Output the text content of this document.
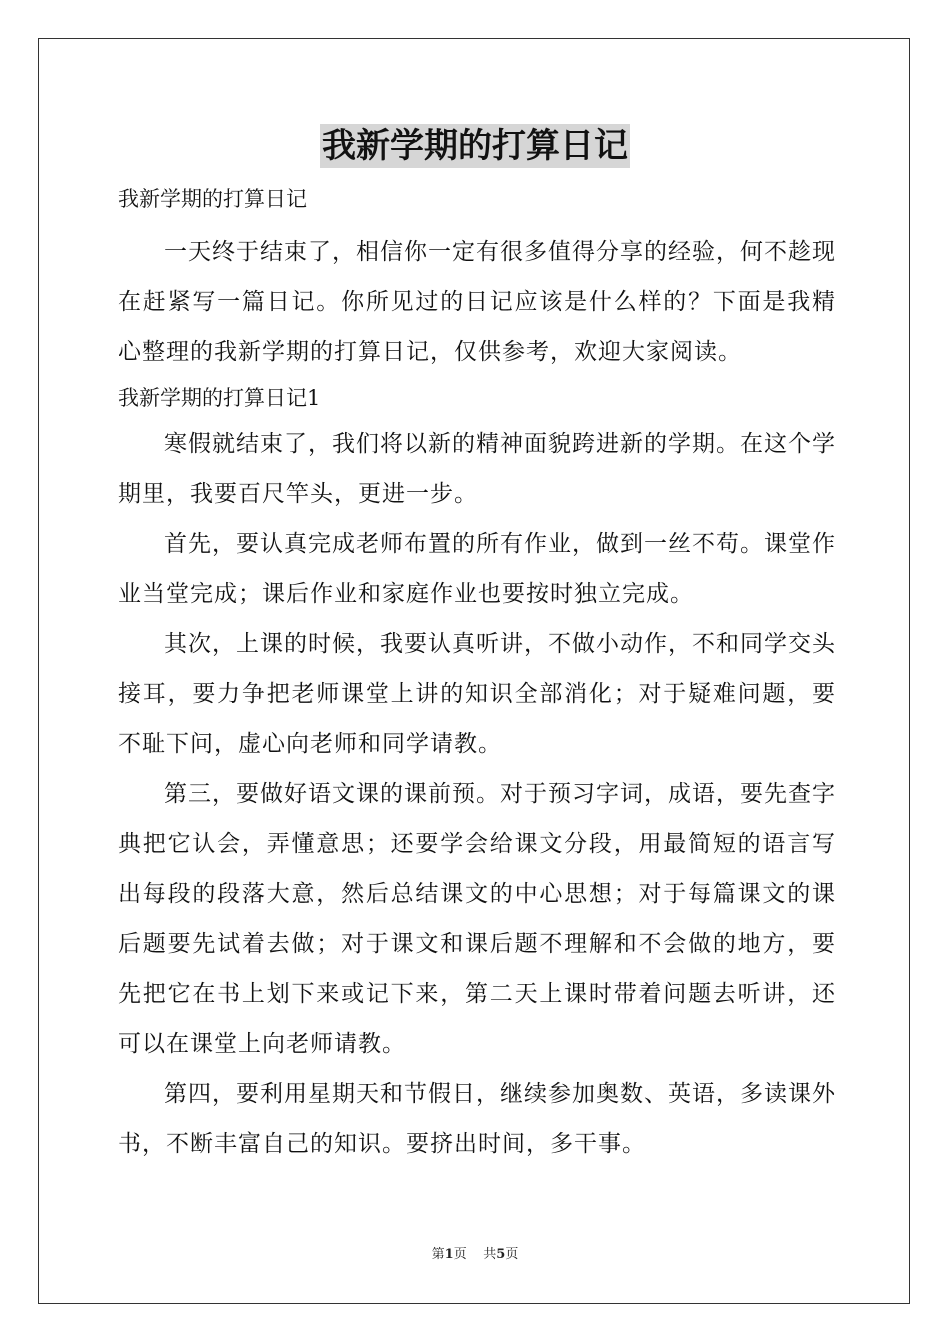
我新学期的打算日记

我新学期的打算日记

一天终于结束了，相信你一定有很多值得分享的经验，何不趁现在赶紧写一篇日记。你所见过的日记应该是什么样的？下面是我精心整理的我新学期的打算日记，仅供参考，欢迎大家阅读。

我新学期的打算日记1

寒假就结束了，我们将以新的精神面貌跨进新的学期。在这个学期里，我要百尺竿头，更进一步。

首先，要认真完成老师布置的所有作业，做到一丝不苟。课堂作业当堂完成；课后作业和家庭作业也要按时独立完成。

其次，上课的时候，我要认真听讲，不做小动作，不和同学交头接耳，要力争把老师课堂上讲的知识全部消化；对于疑难问题，要不耻下问，虚心向老师和同学请教。

第三，要做好语文课的课前预。对于预习字词，成语，要先查字典把它认会，弄懂意思；还要学会给课文分段，用最简短的语言写出每段的段落大意，然后总结课文的中心思想；对于每篇课文的课后题要先试着去做；对于课文和课后题不理解和不会做的地方，要先把它在书上划下来或记下来，第二天上课时带着问题去听讲，还可以在课堂上向老师请教。

第四，要利用星期天和节假日，继续参加奥数、英语，多读课外书，不断丰富自己的知识。要挤出时间，多干事。

第1页 共5页
